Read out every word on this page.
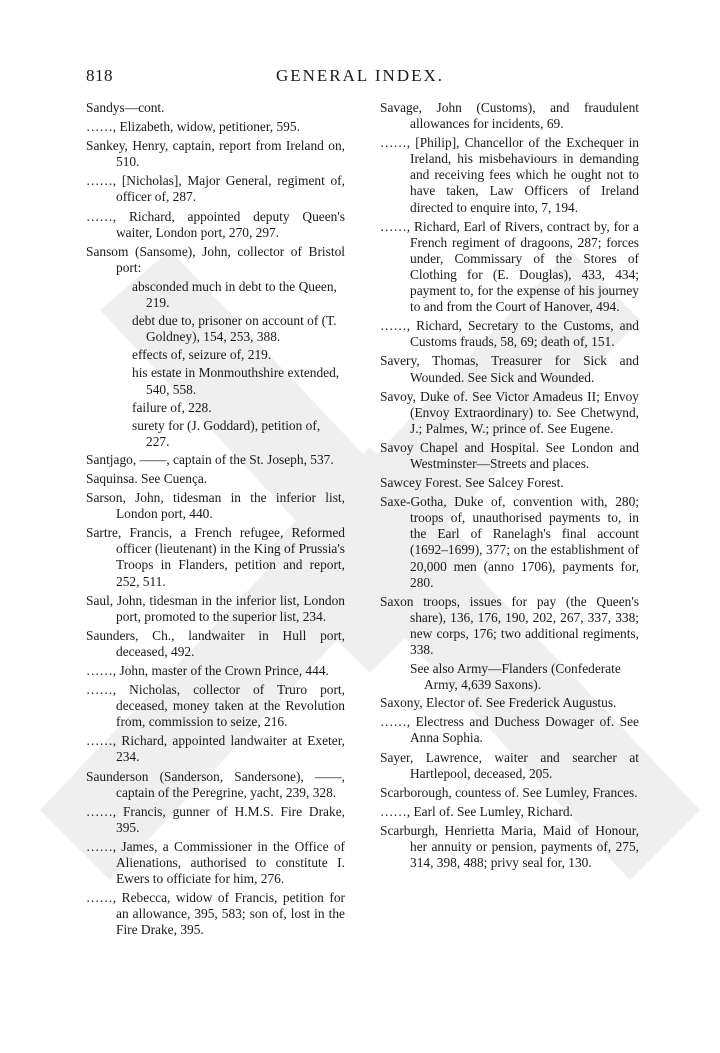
818	GENERAL INDEX.

Sandys—cont.

……, Elizabeth, widow, petitioner, 595.

Sankey, Henry, captain, report from Ireland on, 510.

……, [Nicholas], Major General, regiment of, officer of, 287.

……, Richard, appointed deputy Queen's waiter, London port, 270, 297.

Sansom (Sansome), John, collector of Bristol port:

absconded much in debt to the Queen, 219.

debt due to, prisoner on account of (T. Goldney), 154, 253, 388.

effects of, seizure of, 219.

his estate in Monmouthshire extended, 540, 558.

failure of, 228.

surety for (J. Goddard), petition of, 227.

Santjago, ——, captain of the St. Joseph, 537.

Saquinsa. See Cuença.

Sarson, John, tidesman in the inferior list, London port, 440.

Sartre, Francis, a French refugee, Reformed officer (lieutenant) in the King of Prussia's Troops in Flanders, petition and report, 252, 511.

Saul, John, tidesman in the inferior list, London port, promoted to the superior list, 234.

Saunders, Ch., landwaiter in Hull port, deceased, 492.

……, John, master of the Crown Prince, 444.

……, Nicholas, collector of Truro port, deceased, money taken at the Revolution from, commission to seize, 216.

……, Richard, appointed landwaiter at Exeter, 234.

Saunderson (Sanderson, Sandersone), ——, captain of the Peregrine, yacht, 239, 328.

……, Francis, gunner of H.M.S. Fire Drake, 395.

……, James, a Commissioner in the Office of Alienations, authorised to constitute I. Ewers to officiate for him, 276.

……, Rebecca, widow of Francis, petition for an allowance, 395, 583; son of, lost in the Fire Drake, 395.

Savage, John (Customs), and fraudulent allowances for incidents, 69.

……, [Philip], Chancellor of the Exchequer in Ireland, his misbehaviours in demanding and receiving fees which he ought not to have taken, Law Officers of Ireland directed to enquire into, 7, 194.

……, Richard, Earl of Rivers, contract by, for a French regiment of dragoons, 287; forces under, Commissary of the Stores of Clothing for (E. Douglas), 433, 434; payment to, for the expense of his journey to and from the Court of Hanover, 494.

……, Richard, Secretary to the Customs, and Customs frauds, 58, 69; death of, 151.

Savery, Thomas, Treasurer for Sick and Wounded. See Sick and Wounded.

Savoy, Duke of. See Victor Amadeus II; Envoy (Envoy Extraordinary) to. See Chetwynd, J.; Palmes, W.; prince of. See Eugene.

Savoy Chapel and Hospital. See London and Westminster—Streets and places.

Sawcey Forest. See Salcey Forest.

Saxe-Gotha, Duke of, convention with, 280; troops of, unauthorised payments to, in the Earl of Ranelagh's final account (1692–1699), 377; on the establishment of 20,000 men (anno 1706), payments for, 280.

Saxon troops, issues for pay (the Queen's share), 136, 176, 190, 202, 267, 337, 338; new corps, 176; two additional regiments, 338.

See also Army—Flanders (Confederate Army, 4,639 Saxons).

Saxony, Elector of. See Frederick Augustus.

……, Electress and Duchess Dowager of. See Anna Sophia.

Sayer, Lawrence, waiter and searcher at Hartlepool, deceased, 205.

Scarborough, countess of. See Lumley, Frances.

……, Earl of. See Lumley, Richard.

Scarburgh, Henrietta Maria, Maid of Honour, her annuity or pension, payments of, 275, 314, 398, 488; privy seal for, 130.
